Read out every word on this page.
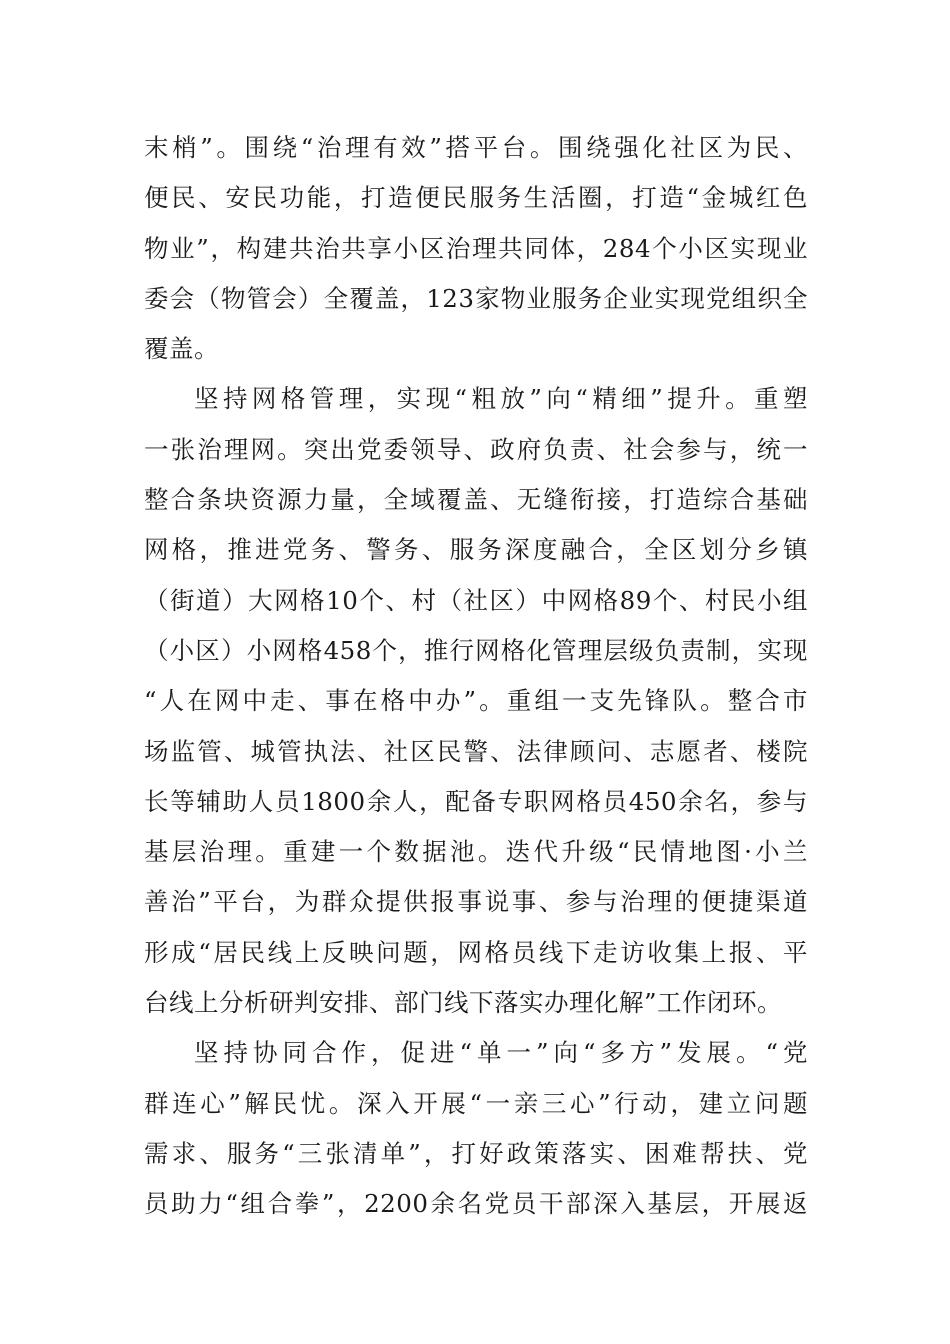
末梢”。围绕“治理有效”搭平台。围绕强化社区为民、
便民、安民功能，打造便民服务生活圈，打造“金城红色
物业”，构建共治共享小区治理共同体，284个小区实现业
委会（物管会）全覆盖，123家物业服务企业实现党组织全
覆盖。
坚持网格管理，实现“粗放”向“精细”提升。重塑
一张治理网。突出党委领导、政府负责、社会参与，统一
整合条块资源力量，全域覆盖、无缝衔接，打造综合基础
网格，推进党务、警务、服务深度融合，全区划分乡镇
（街道）大网格10个、村（社区）中网格89个、村民小组
（小区）小网格458个，推行网格化管理层级负责制，实现
“人在网中走、事在格中办”。重组一支先锋队。整合市
场监管、城管执法、社区民警、法律顾问、志愿者、楼院
长等辅助人员1800余人，配备专职网格员450余名，参与
基层治理。重建一个数据池。迭代升级“民情地图·小兰
善治”平台，为群众提供报事说事、参与治理的便捷渠道
形成“居民线上反映问题，网格员线下走访收集上报、平
台线上分析研判安排、部门线下落实办理化解”工作闭环。
坚持协同合作，促进“单一”向“多方”发展。“党
群连心”解民忧。深入开展“一亲三心”行动，建立问题
需求、服务“三张清单”，打好政策落实、困难帮扶、党
员助力“组合拳”，2200余名党员干部深入基层，开展返
